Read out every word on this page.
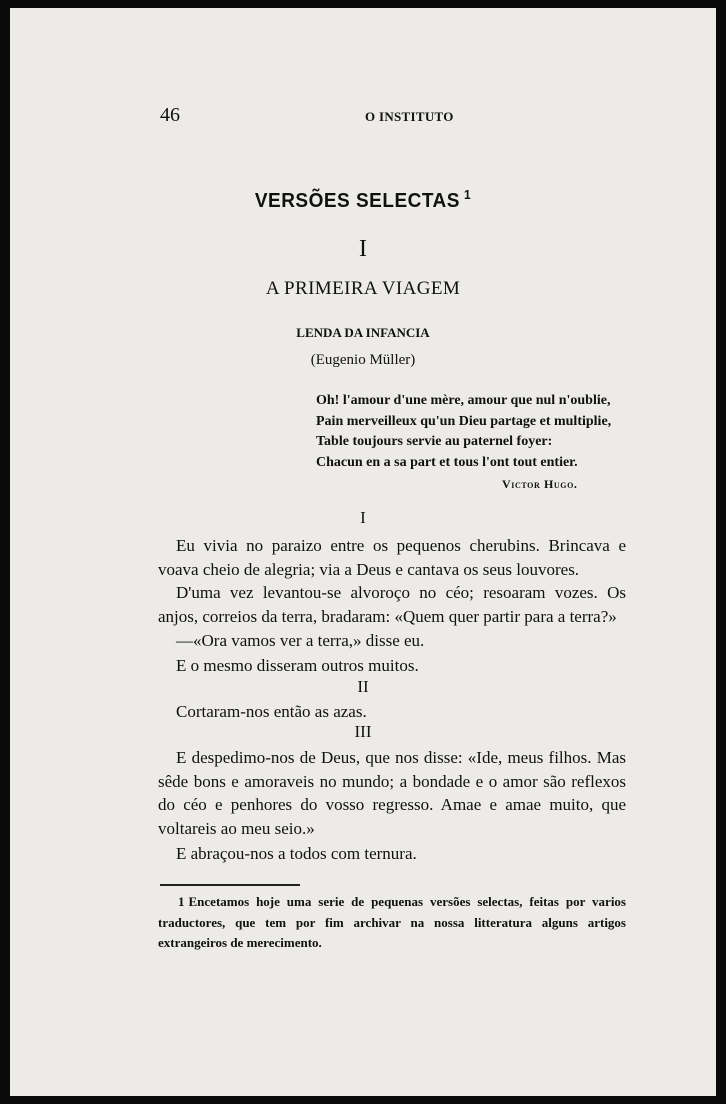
46	O INSTITUTO
VERSÕES SELECTAS $^1$
I
A PRIMEIRA VIAGEM
LENDA DA INFANCIA
(Eugenio Müller)
Oh! l'amour d'une mère, amour que nul n'oublie,
Pain merveilleux qu'un Dieu partage et multiplie,
Table toujours servie au paternel foyer:
Chacun en a sa part et tous l'ont tout entier.
Victor Hugo.
I
Eu vivia no paraizo entre os pequenos cherubins. Brincava e voava cheio de alegria; via a Deus e cantava os seus louvores.
D'uma vez levantou-se alvoroço no céo; resoaram vozes. Os anjos, correios da terra, bradaram: «Quem quer partir para a terra?»
—«Ora vamos ver a terra,» disse eu.
E o mesmo disseram outros muitos.
II
Cortaram-nos então as azas.
III
E despedimo-nos de Deus, que nos disse: «Ide, meus filhos. Mas sêde bons e amoraveis no mundo; a bondade e o amor são reflexos do céo e penhores do vosso regresso. Amae e amae muito, que voltareis ao meu seio.»
E abraçou-nos a todos com ternura.
1 Encetamos hoje uma serie de pequenas versões selectas, feitas por varios traductores, que tem por fim archivar na nossa litteratura alguns artigos extrangeiros de merecimento.
